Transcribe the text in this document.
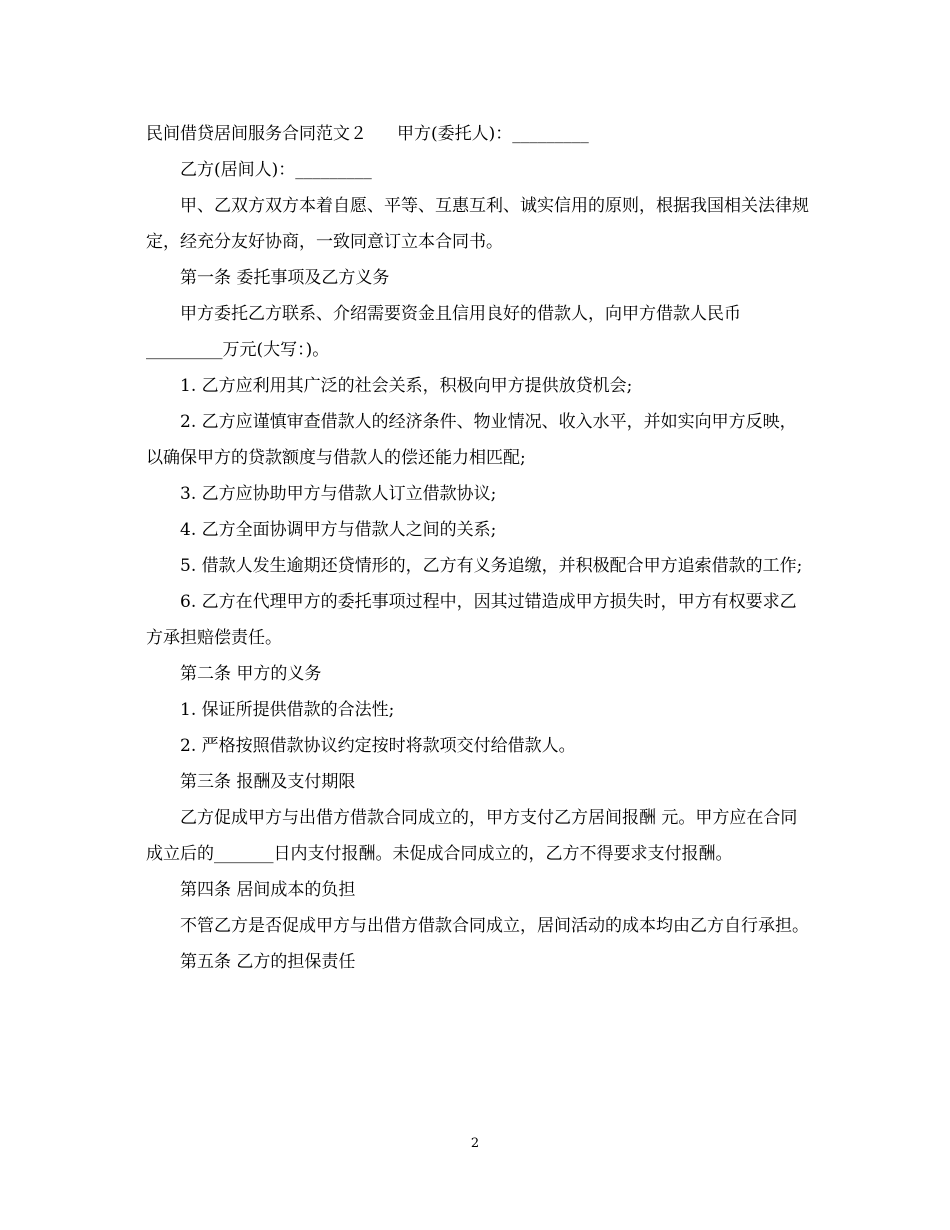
民间借贷居间服务合同范文２ 甲方(委托人)：_________

乙方(居间人)：_________

甲、乙双方双方本着自愿、平等、互惠互利、诚实信用的原则，根据我国相关法律规定，经充分友好协商，一致同意订立本合同书。

第一条 委托事项及乙方义务

甲方委托乙方联系、介绍需要资金且信用良好的借款人，向甲方借款人民币_________万元(大写：)。

1. 乙方应利用其广泛的社会关系，积极向甲方提供放贷机会;

2. 乙方应谨慎审查借款人的经济条件、物业情况、收入水平，并如实向甲方反映，以确保甲方的贷款额度与借款人的偿还能力相匹配;

3. 乙方应协助甲方与借款人订立借款协议;

4. 乙方全面协调甲方与借款人之间的关系;

5. 借款人发生逾期还贷情形的，乙方有义务追缴，并积极配合甲方追索借款的工作;

6. 乙方在代理甲方的委托事项过程中，因其过错造成甲方损失时，甲方有权要求乙方承担赔偿责任。

第二条 甲方的义务

1. 保证所提供借款的合法性;

2. 严格按照借款协议约定按时将款项交付给借款人。

第三条 报酬及支付期限

乙方促成甲方与出借方借款合同成立的，甲方支付乙方居间报酬 元。甲方应在合同成立后的_______日内支付报酬。未促成合同成立的，乙方不得要求支付报酬。

第四条 居间成本的负担

不管乙方是否促成甲方与出借方借款合同成立，居间活动的成本均由乙方自行承担。

第五条 乙方的担保责任

2
